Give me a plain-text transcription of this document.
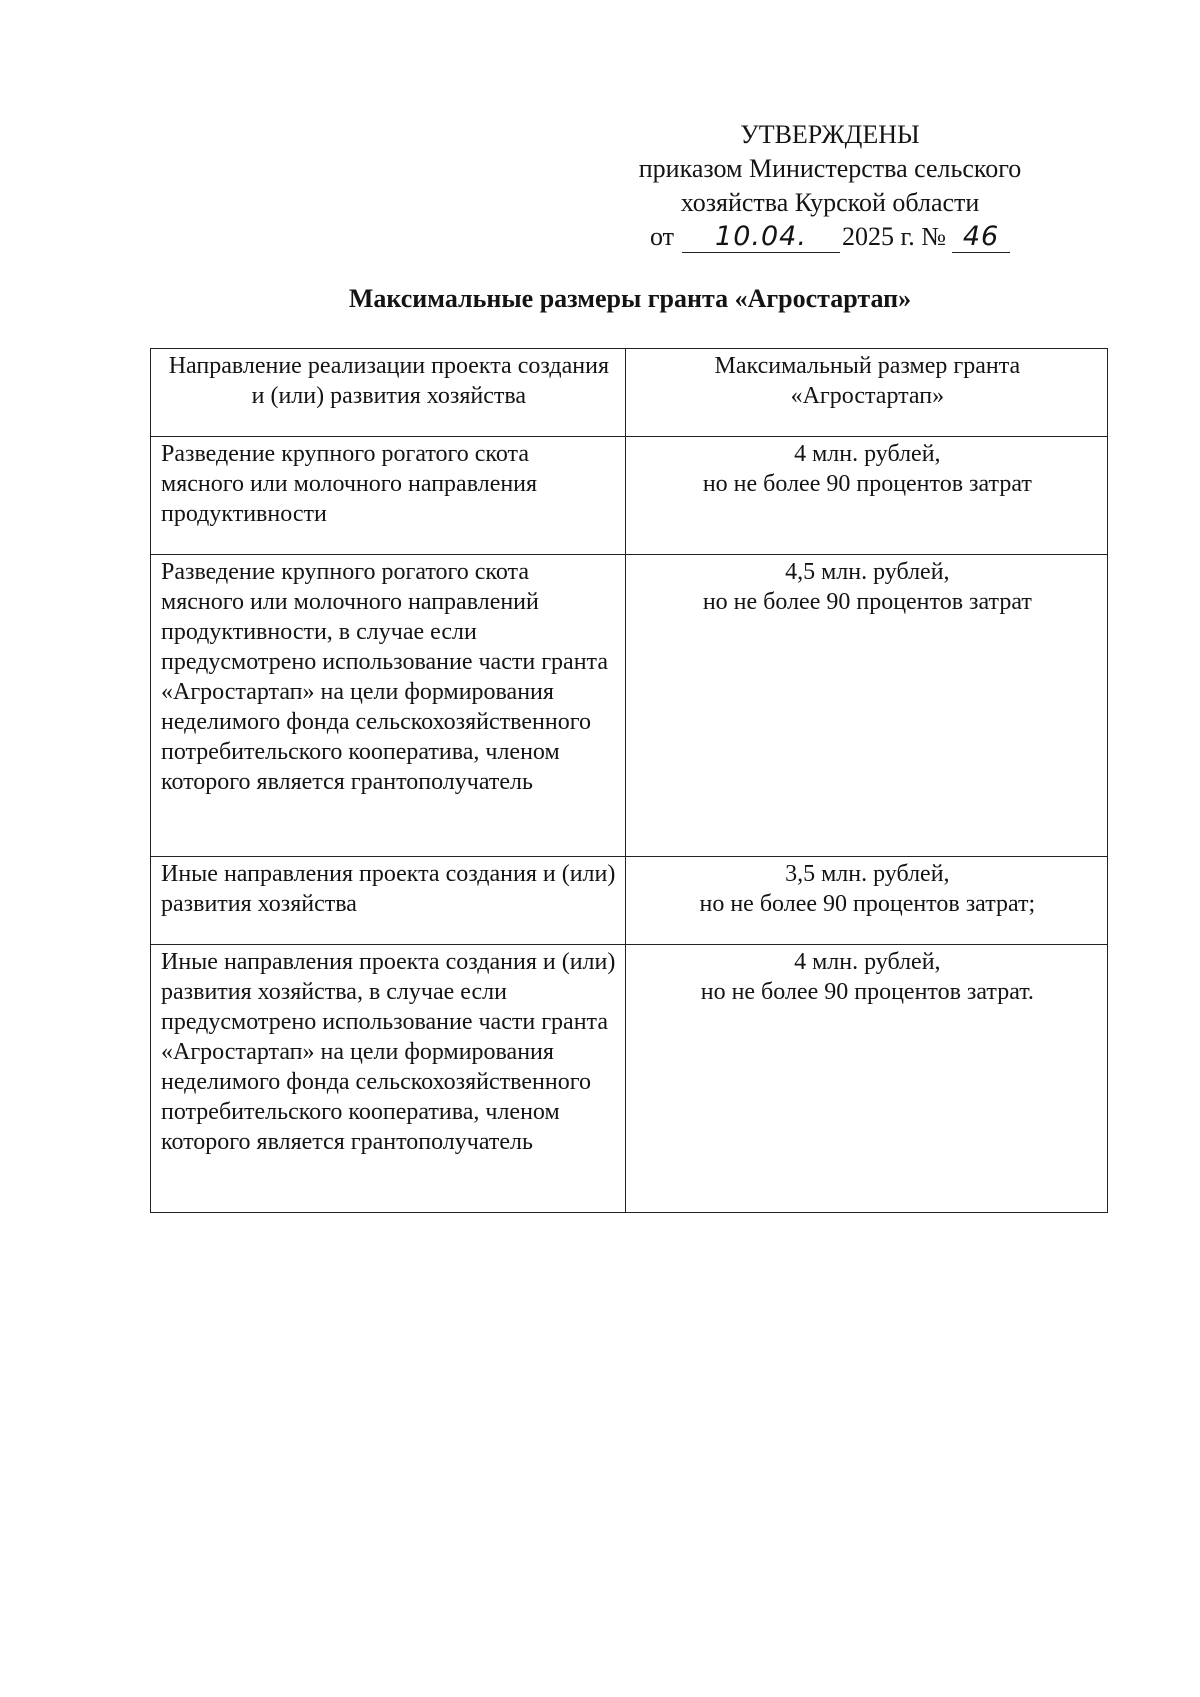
УТВЕРЖДЕНЫ
приказом Министерства сельского
хозяйства Курской области
от 10.04. 2025 г. № 46
Максимальные размеры гранта «Агростартап»
Направление реализации проекта создания и (или) развития хозяйства	Максимальный размер гранта «Агростартап»
Разведение крупного рогатого скота мясного или молочного направления продуктивности	4 млн. рублей,
но не более 90 процентов затрат

Разведение крупного рогатого скота мясного или молочного направлений продуктивности, в случае если предусмотрено использование части гранта «Агростартап» на цели формирования неделимого фонда сельскохозяйственного потребительского кооператива, членом которого является грантополучатель	4,5 млн. рублей,
но не более 90 процентов затрат

Иные направления проекта создания и (или) развития хозяйства	3,5 млн. рублей,
но не более 90 процентов затрат;

Иные направления проекта создания и (или) развития хозяйства, в случае если предусмотрено использование части гранта «Агростартап» на цели формирования неделимого фонда сельскохозяйственного потребительского кооператива, членом которого является грантополучатель	4 млн. рублей,
но не более 90 процентов затрат.
